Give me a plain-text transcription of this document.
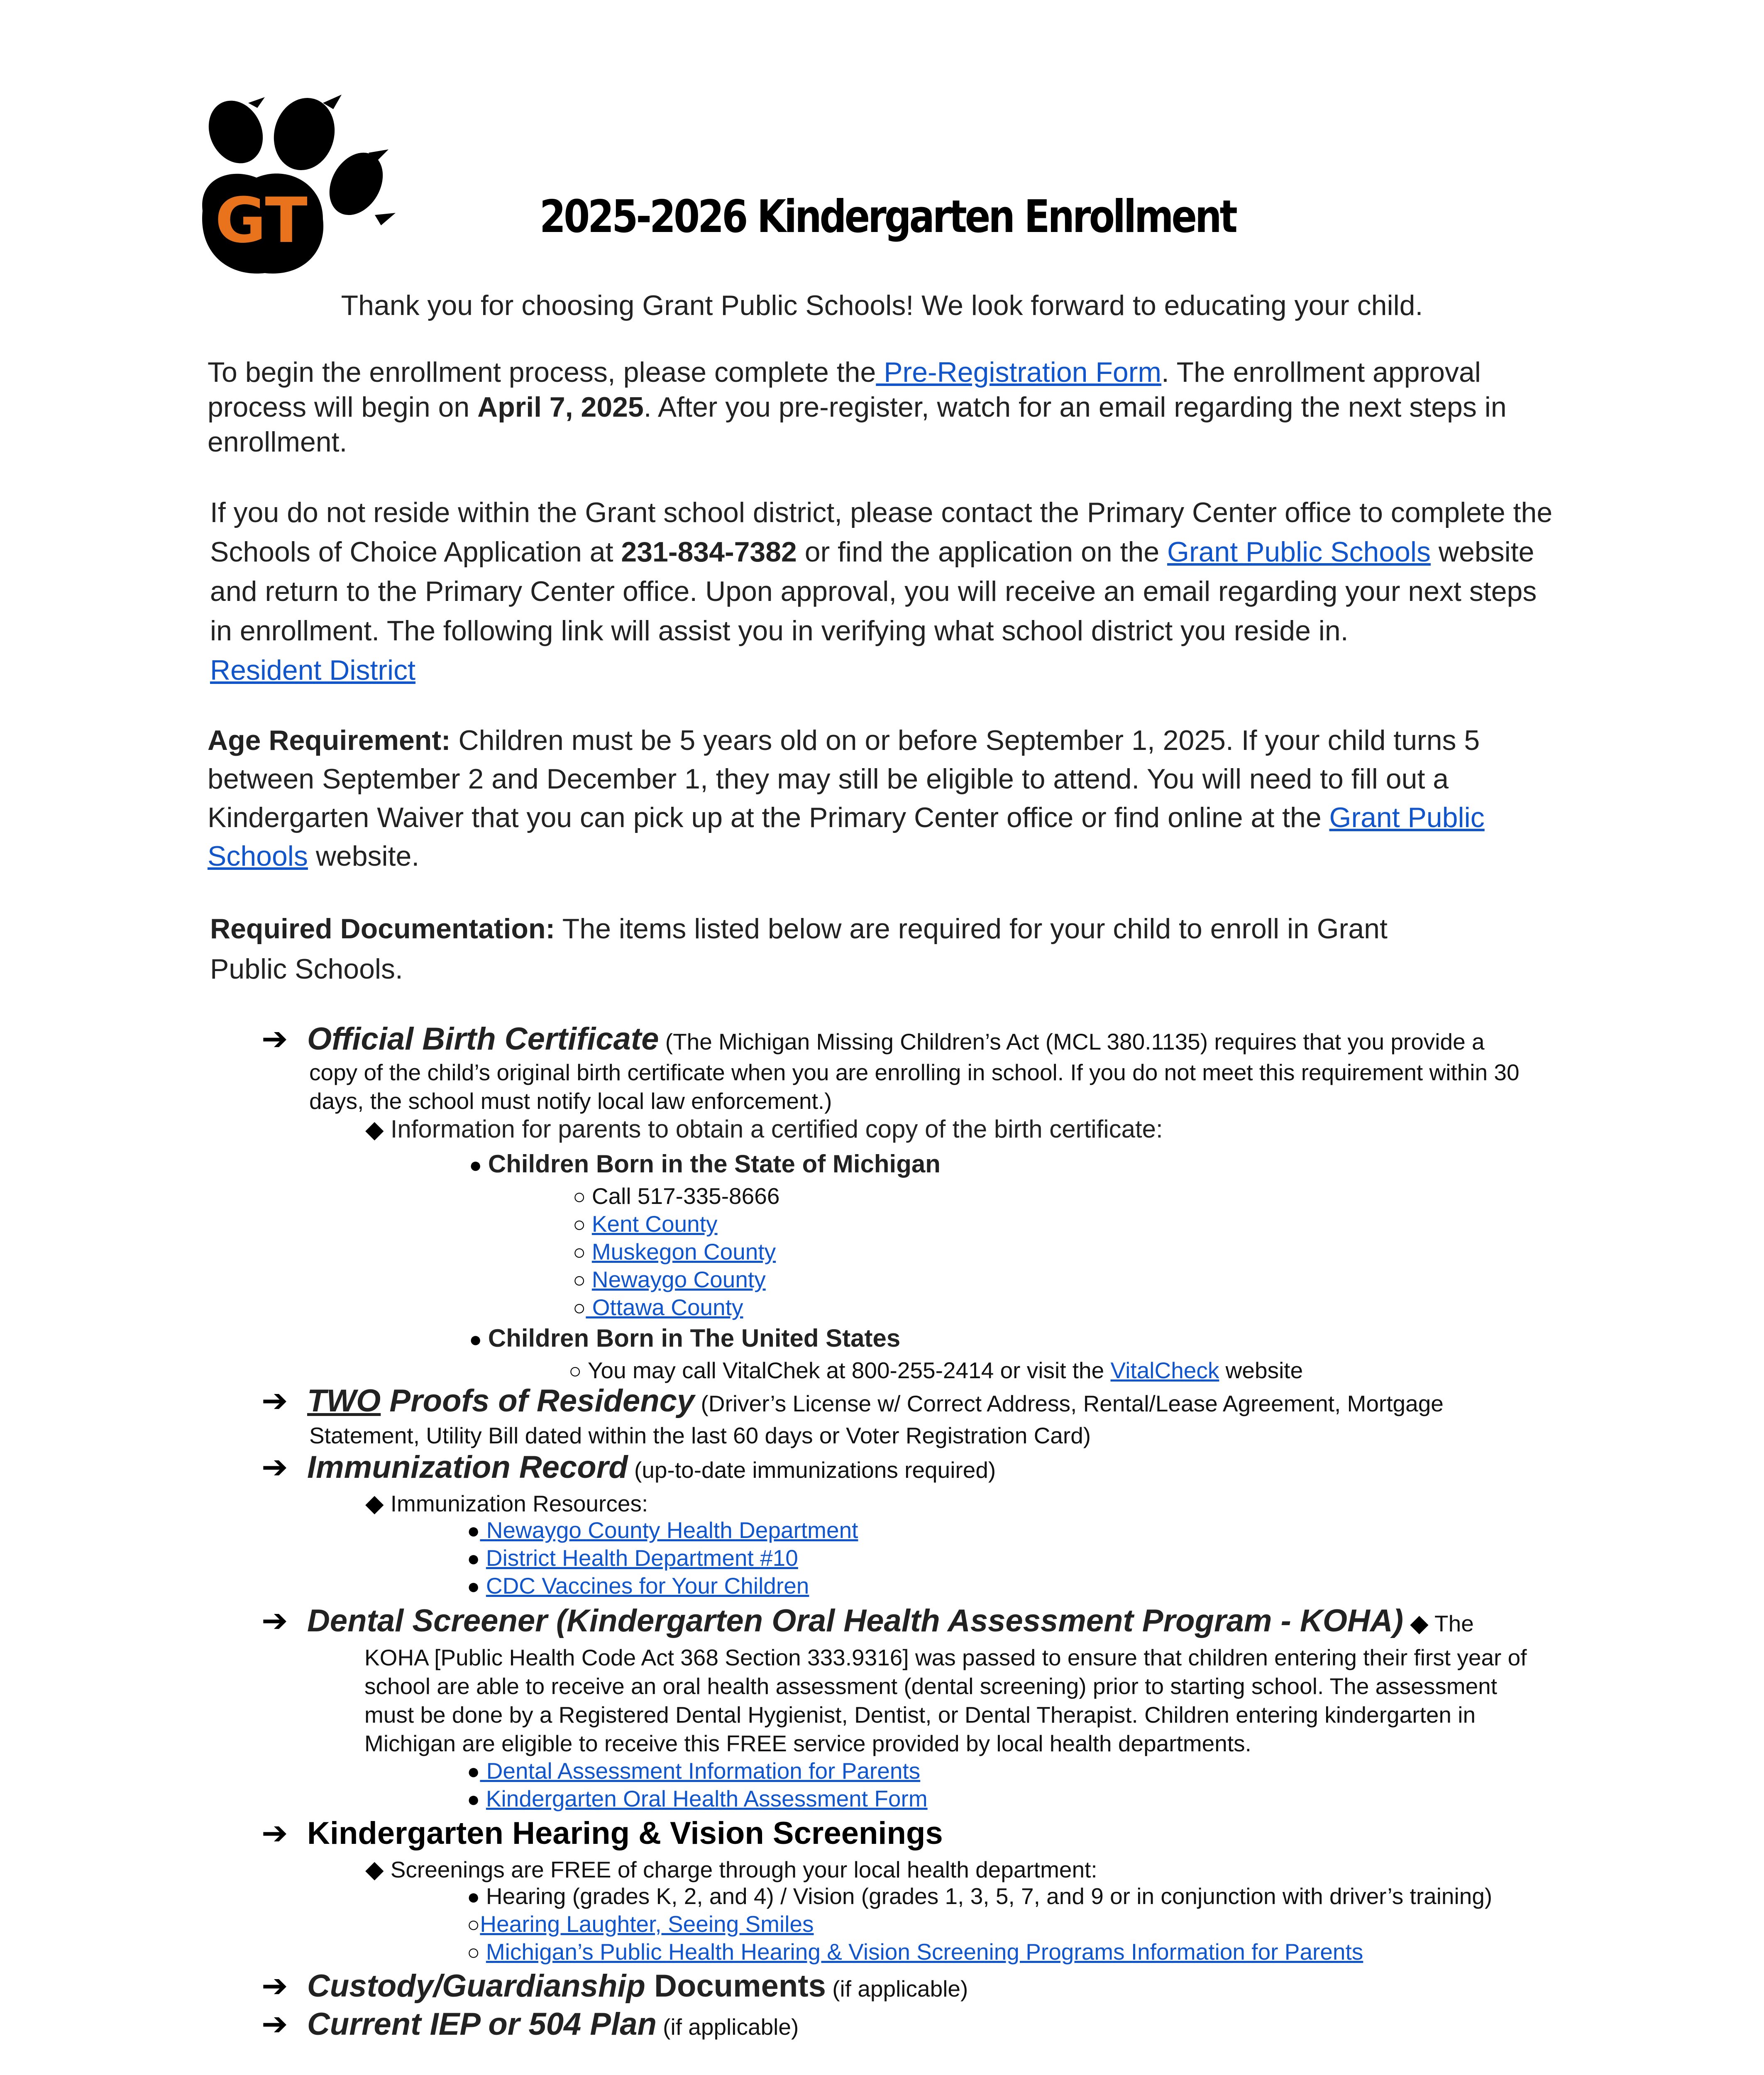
GT	2025-2026 Kindergarten Enrollment
Thank you for choosing Grant Public Schools! We look forward to educating your child.
To begin the enrollment process, please complete the Pre-Registration Form. The enrollment approval process will begin on April 7, 2025. After you pre-register, watch for an email regarding the next steps in enrollment.
If you do not reside within the Grant school district, please contact the Primary Center office to complete the Schools of Choice Application at 231-834-7382 or find the application on the Grant Public Schools website and return to the Primary Center office. Upon approval, you will receive an email regarding your next steps in enrollment. The following link will assist you in verifying what school district you reside in.
Resident District
Age Requirement: Children must be 5 years old on or before September 1, 2025. If your child turns 5 between September 2 and December 1, they may still be eligible to attend. You will need to fill out a Kindergarten Waiver that you can pick up at the Primary Center office or find online at the Grant Public Schools website.
Required Documentation: The items listed below are required for your child to enroll in Grant Public Schools.
➔ Official Birth Certificate (The Michigan Missing Children’s Act (MCL 380.1135) requires that you provide a
copy of the child’s original birth certificate when you are enrolling in school. If you do not meet this requirement within 30
days, the school must notify local law enforcement.)
◆ Information for parents to obtain a certified copy of the birth certificate:
● Children Born in the State of Michigan
○ Call 517-335-8666
○ Kent County
○ Muskegon County
○ Newaygo County
○ Ottawa County
● Children Born in The United States
○ You may call VitalChek at 800-255-2414 or visit the VitalCheck website
➔ TWO Proofs of Residency (Driver’s License w/ Correct Address, Rental/Lease Agreement, Mortgage
Statement, Utility Bill dated within the last 60 days or Voter Registration Card)
➔ Immunization Record (up-to-date immunizations required)
◆ Immunization Resources:
● Newaygo County Health Department
● District Health Department #10
● CDC Vaccines for Your Children
➔ Dental Screener (Kindergarten Oral Health Assessment Program - KOHA) ◆ The
KOHA [Public Health Code Act 368 Section 333.9316] was passed to ensure that children entering their first year of
school are able to receive an oral health assessment (dental screening) prior to starting school. The assessment
must be done by a Registered Dental Hygienist, Dentist, or Dental Therapist. Children entering kindergarten in
Michigan are eligible to receive this FREE service provided by local health departments.
● Dental Assessment Information for Parents
● Kindergarten Oral Health Assessment Form
➔ Kindergarten Hearing & Vision Screenings
◆ Screenings are FREE of charge through your local health department:
● Hearing (grades K, 2, and 4) / Vision (grades 1, 3, 5, 7, and 9 or in conjunction with driver’s training)
○Hearing Laughter, Seeing Smiles
○ Michigan’s Public Health Hearing & Vision Screening Programs Information for Parents
➔ Custody/Guardianship Documents (if applicable)
➔ Current IEP or 504 Plan (if applicable)
